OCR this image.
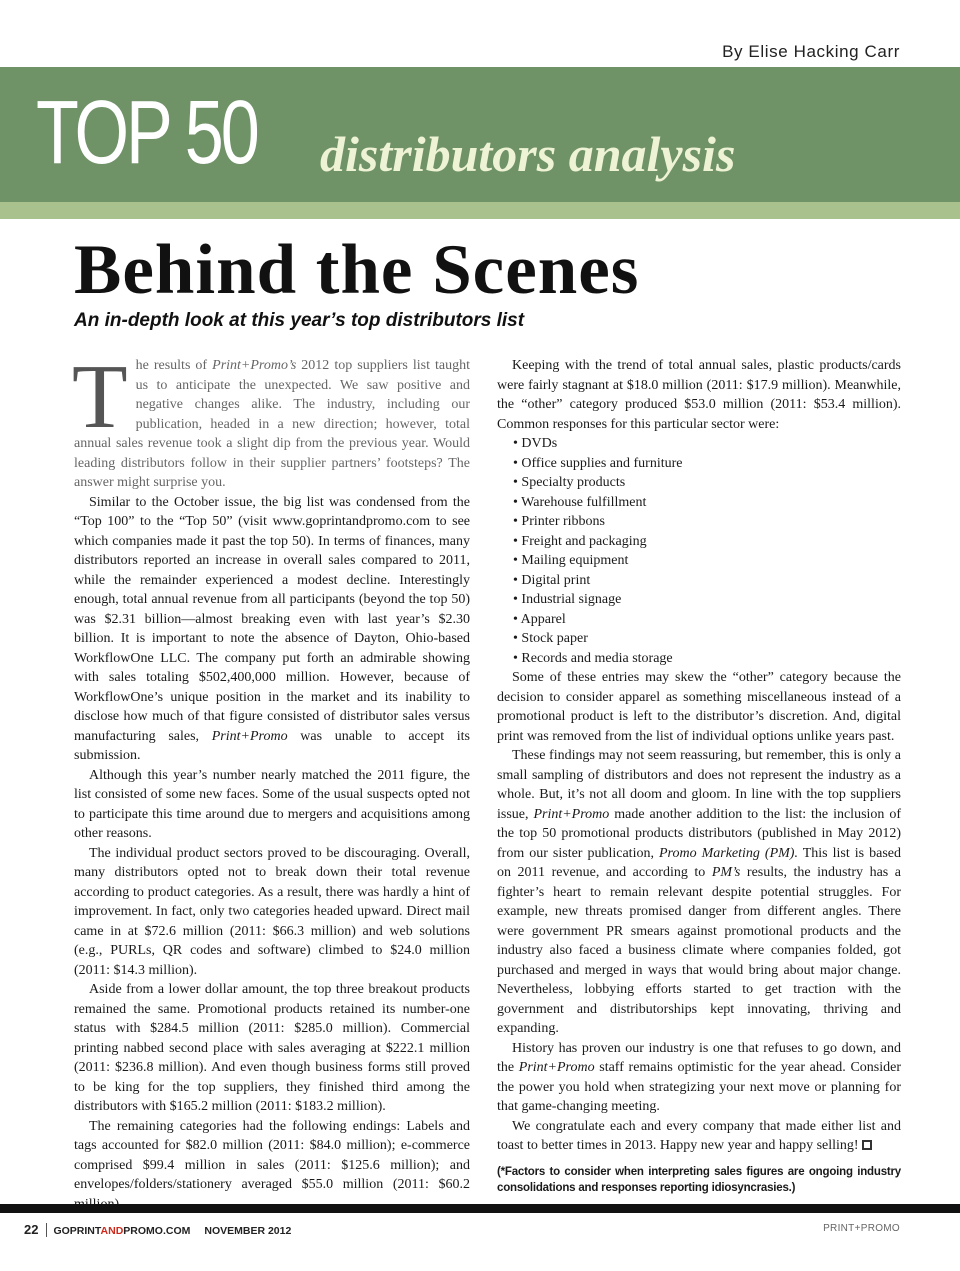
By Elise Hacking Carr
TOP 50 distributors analysis
Behind the Scenes
An in-depth look at this year’s top distributors list

The results of Print+Promo’s 2012 top suppliers list taught us to anticipate the unexpected. We saw positive and negative changes alike. The industry, including our publication, headed in a new direction; however, total annual sales revenue took a slight dip from the previous year. Would leading distributors follow in their supplier partners’ footsteps? The answer might surprise you.

Similar to the October issue, the big list was condensed from the “Top 100” to the “Top 50” (visit www.goprintandpromo.com to see which companies made it past the top 50). In terms of finances, many distributors reported an increase in overall sales compared to 2011, while the remainder experienced a modest decline. Interestingly enough, total annual revenue from all participants (beyond the top 50) was $2.31 billion—almost breaking even with last year’s $2.30 billion. It is important to note the absence of Dayton, Ohio-based WorkflowOne LLC. The company put forth an admirable showing with sales totaling $502,400,000 million. However, because of WorkflowOne’s unique position in the market and its inability to disclose how much of that figure consisted of distributor sales versus manufacturing sales, Print+Promo was unable to accept its submission.

Although this year’s number nearly matched the 2011 figure, the list consisted of some new faces. Some of the usual suspects opted not to participate this time around due to mergers and acquisitions among other reasons.

The individual product sectors proved to be discouraging. Overall, many distributors opted not to break down their total revenue according to product categories. As a result, there was hardly a hint of improvement. In fact, only two categories headed upward. Direct mail came in at $72.6 million (2011: $66.3 million) and web solutions (e.g., PURLs, QR codes and software) climbed to $24.0 million (2011: $14.3 million).

Aside from a lower dollar amount, the top three breakout products remained the same. Promotional products retained its number-one status with $284.5 million (2011: $285.0 million). Commercial printing nabbed second place with sales averaging at $222.1 million (2011: $236.8 million). And even though business forms still proved to be king for the top suppliers, they finished third among the distributors with $165.2 million (2011: $183.2 million).

The remaining categories had the following endings: Labels and tags accounted for $82.0 million (2011: $84.0 million); e-commerce comprised $99.4 million in sales (2011: $125.6 million); and envelopes/folders/stationery averaged $55.0 million (2011: $60.2

Keeping with the trend of total annual sales, plastic products/cards were fairly stagnant at $18.0 million (2011: $17.9 million). Meanwhile, the “other” category produced $53.0 million (2011: $53.4 million). Common responses for this particular sector were:

• DVDs
• Office supplies and furniture
• Specialty products
• Warehouse fulfillment
• Printer ribbons
• Freight and packaging
• Mailing equipment
• Digital print
• Industrial signage
• Apparel
• Stock paper
• Records and media storage

Some of these entries may skew the “other” category because the decision to consider apparel as something miscellaneous instead of a promotional product is left to the distributor’s discretion. And, digital print was removed from the list of individual options unlike years past.

These findings may not seem reassuring, but remember, this is only a small sampling of distributors and does not represent the industry as a whole. But, it’s not all doom and gloom. In line with the top suppliers issue, Print+Promo made another addition to the list: the inclusion of the top 50 promotional products distributors (published in May 2012) from our sister publication, Promo Marketing (PM). This list is based on 2011 revenue, and according to PM’s results, the industry has a fighter’s heart to remain relevant despite potential struggles. For example, new threats promised danger from different angles. There were government PR smears against promotional products and the industry also faced a business climate where companies folded, got purchased and merged in ways that would bring about major change. Nevertheless, lobbying efforts started to get traction with the government and distributorships kept innovating, thriving and expanding.

History has proven our industry is one that refuses to go down, and the Print+Promo staff remains optimistic for the year ahead. Consider the power you hold when strategizing your next move or planning for that game-changing meeting.

We congratulate each and every company that made either list and toast to better times in 2013. Happy new year and happy selling!

(*Factors to consider when interpreting sales figures are ongoing industry consolidations and responses reporting idiosyncrasies.)

22 GOPRINTANDPROMO.COM NOVEMBER 2012	PRINT+PROMO
